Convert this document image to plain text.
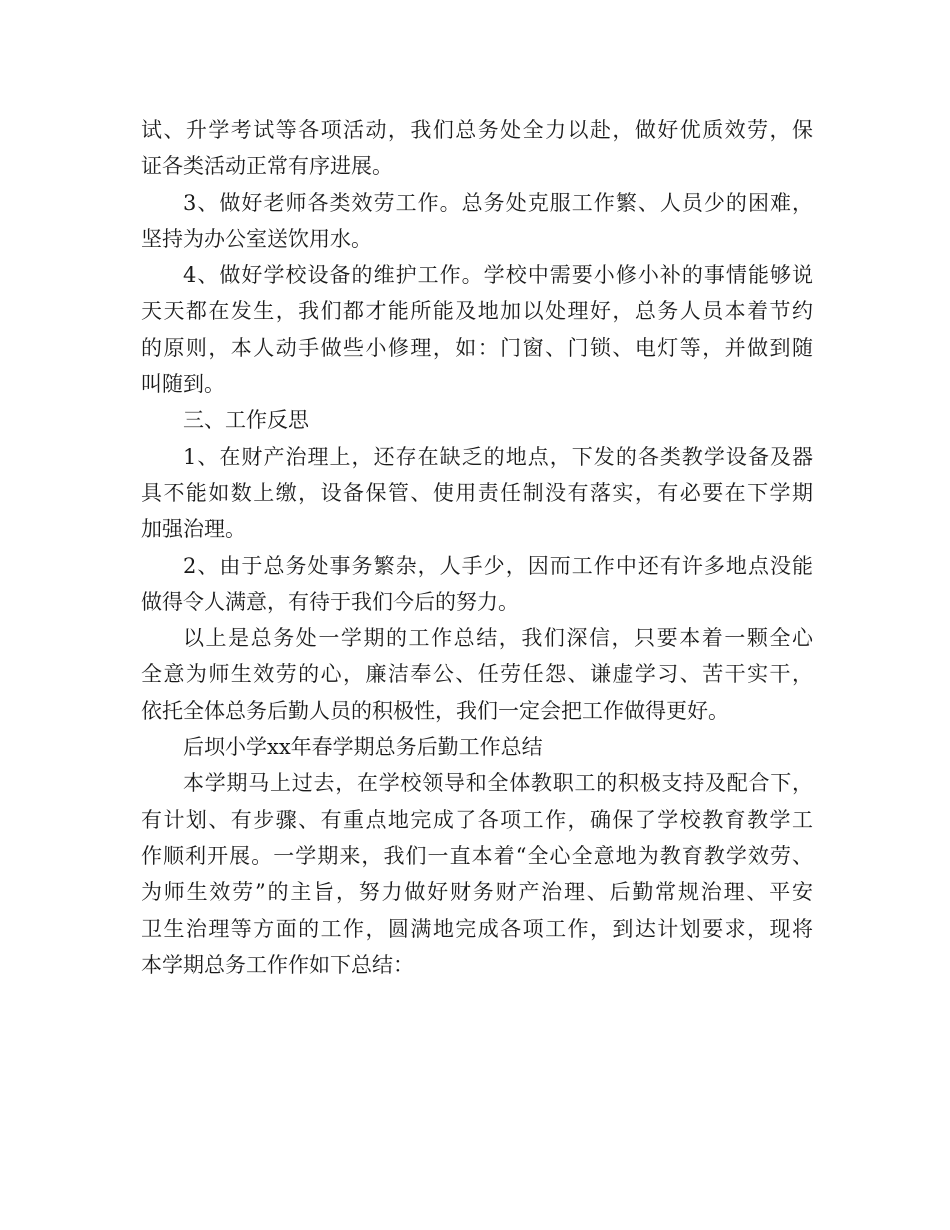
试、升学考试等各项活动，我们总务处全力以赴，做好优质效劳，保
证各类活动正常有序进展。
3、做好老师各类效劳工作。总务处克服工作繁、人员少的困难，
坚持为办公室送饮用水。
4、做好学校设备的维护工作。学校中需要小修小补的事情能够说
天天都在发生，我们都才能所能及地加以处理好，总务人员本着节约
的原则，本人动手做些小修理，如：门窗、门锁、电灯等，并做到随
叫随到。
三、工作反思
1、在财产治理上，还存在缺乏的地点，下发的各类教学设备及器
具不能如数上缴，设备保管、使用责任制没有落实，有必要在下学期
加强治理。
2、由于总务处事务繁杂，人手少，因而工作中还有许多地点没能
做得令人满意，有待于我们今后的努力。
以上是总务处一学期的工作总结，我们深信，只要本着一颗全心
全意为师生效劳的心，廉洁奉公、任劳任怨、谦虚学习、苦干实干，
依托全体总务后勤人员的积极性，我们一定会把工作做得更好。
后坝小学xx年春学期总务后勤工作总结
本学期马上过去，在学校领导和全体教职工的积极支持及配合下，
有计划、有步骤、有重点地完成了各项工作，确保了学校教育教学工
作顺利开展。一学期来，我们一直本着“全心全意地为教育教学效劳、
为师生效劳”的主旨，努力做好财务财产治理、后勤常规治理、平安
卫生治理等方面的工作，圆满地完成各项工作，到达计划要求，现将
本学期总务工作作如下总结：
